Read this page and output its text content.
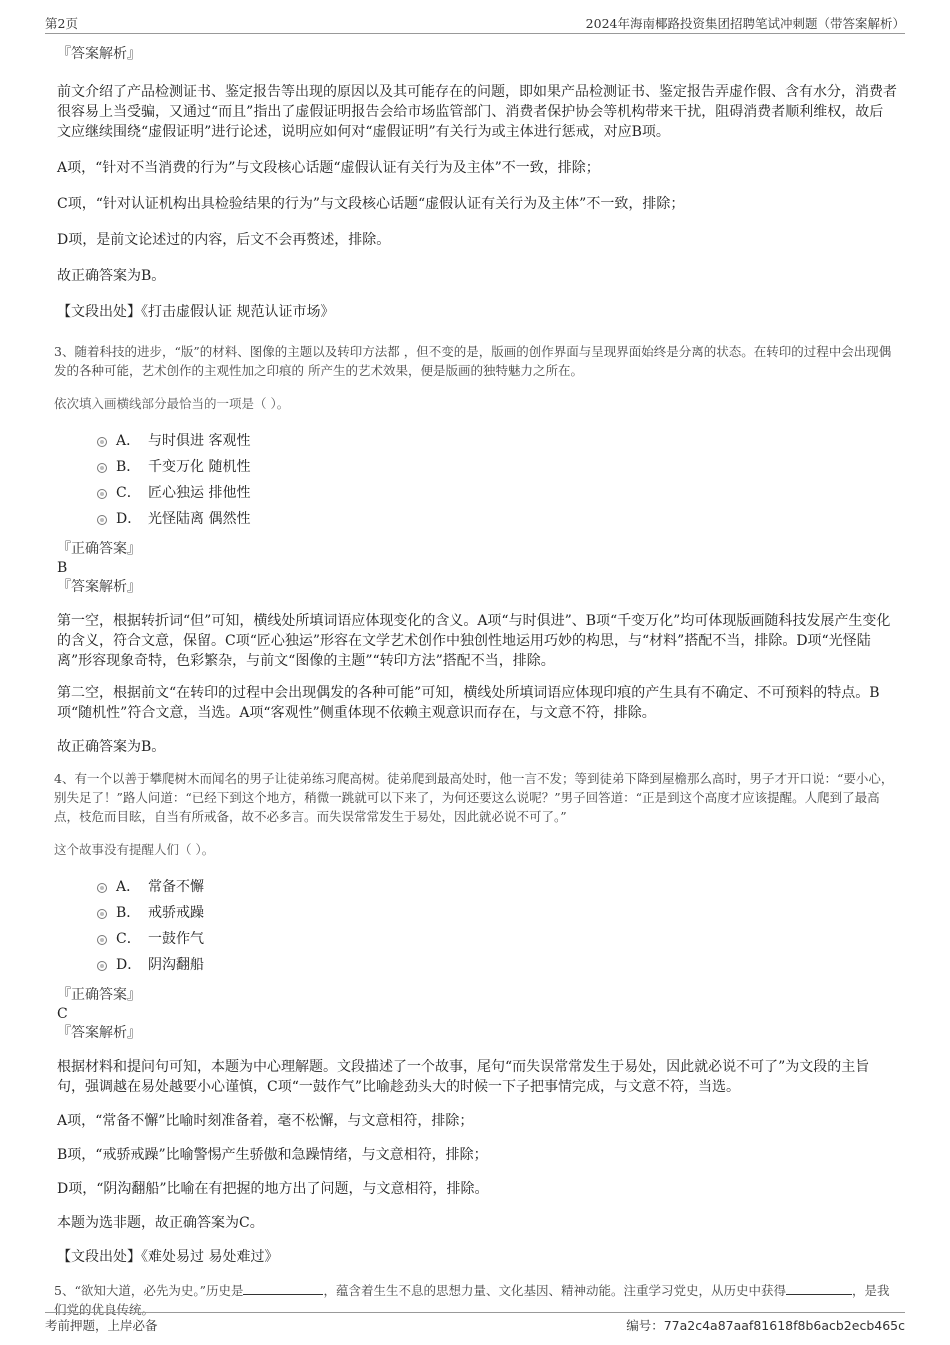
第2页	2024年海南椰路投资集团招聘笔试冲刺题（带答案解析）
『答案解析』
前文介绍了产品检测证书、鉴定报告等出现的原因以及其可能存在的问题，即如果产品检测证书、鉴定报告弄虚作假、含有水分，消费者很容易上当受骗，又通过“而且”指出了虚假证明报告会给市场监管部门、消费者保护协会等机构带来干扰，阻碍消费者顺利维权，故后文应继续围绕“虚假证明”进行论述，说明应如何对“虚假证明”有关行为或主体进行惩戒，对应B项。
A项，“针对不当消费的行为”与文段核心话题“虚假认证有关行为及主体”不一致，排除；
C项，“针对认证机构出具检验结果的行为”与文段核心话题“虚假认证有关行为及主体”不一致，排除；
D项，是前文论述过的内容，后文不会再赘述，排除。
故正确答案为B。
【文段出处】《打击虚假认证 规范认证市场》
3、随着科技的进步，“版”的材料、图像的主题以及转印方法都 ，但不变的是，版画的创作界面与呈现界面始终是分离的状态。在转印的过程中会出现偶发的各种可能，艺术创作的主观性加之印痕的 所产生的艺术效果，便是版画的独特魅力之所在。
依次填入画横线部分最恰当的一项是（ ）。
A． 与时俱进 客观性
B． 千变万化 随机性
C． 匠心独运 排他性
D． 光怪陆离 偶然性
『正确答案』
B
『答案解析』
第一空，根据转折词“但”可知，横线处所填词语应体现变化的含义。A项“与时俱进”、B项“千变万化”均可体现版画随科技发展产生变化的含义，符合文意，保留。C项“匠心独运”形容在文学艺术创作中独创性地运用巧妙的构思，与“材料”搭配不当，排除。D项“光怪陆离”形容现象奇特，色彩繁杂，与前文“图像的主题”“转印方法”搭配不当，排除。
第二空，根据前文“在转印的过程中会出现偶发的各种可能”可知，横线处所填词语应体现印痕的产生具有不确定、不可预料的特点。B项“随机性”符合文意，当选。A项“客观性”侧重体现不依赖主观意识而存在，与文意不符，排除。
故正确答案为B。
4、有一个以善于攀爬树木而闻名的男子让徒弟练习爬高树。徒弟爬到最高处时，他一言不发；等到徒弟下降到屋檐那么高时，男子才开口说：“要小心，别失足了！”路人问道：“已经下到这个地方，稍微一跳就可以下来了，为何还要这么说呢？”男子回答道：“正是到这个高度才应该提醒。人爬到了最高点，枝危而目眩，自当有所戒备，故不必多言。而失误常常发生于易处，因此就必说不可了。”
这个故事没有提醒人们（ ）。
A． 常备不懈
B． 戒骄戒躁
C． 一鼓作气
D． 阴沟翻船
『正确答案』
C
『答案解析』
根据材料和提问句可知，本题为中心理解题。文段描述了一个故事，尾句“而失误常常发生于易处，因此就必说不可了”为文段的主旨句，强调越在易处越要小心谨慎，C项“一鼓作气”比喻趁劲头大的时候一下子把事情完成，与文意不符，当选。
A项，“常备不懈”比喻时刻准备着，毫不松懈，与文意相符，排除；
B项，“戒骄戒躁”比喻警惕产生骄傲和急躁情绪，与文意相符，排除；
D项，“阴沟翻船”比喻在有把握的地方出了问题，与文意相符，排除。
本题为选非题，故正确答案为C。
【文段出处】《难处易过 易处难过》
5、“欲知大道，必先为史。”历史是	，蕴含着生生不息的思想力量、文化基因、精神动能。注重学习党史，从历史中获得	，是我们党的优良传统。
考前押题，上岸必备	编号：77a2c4a87aaf81618f8b6acb2ecb465c
